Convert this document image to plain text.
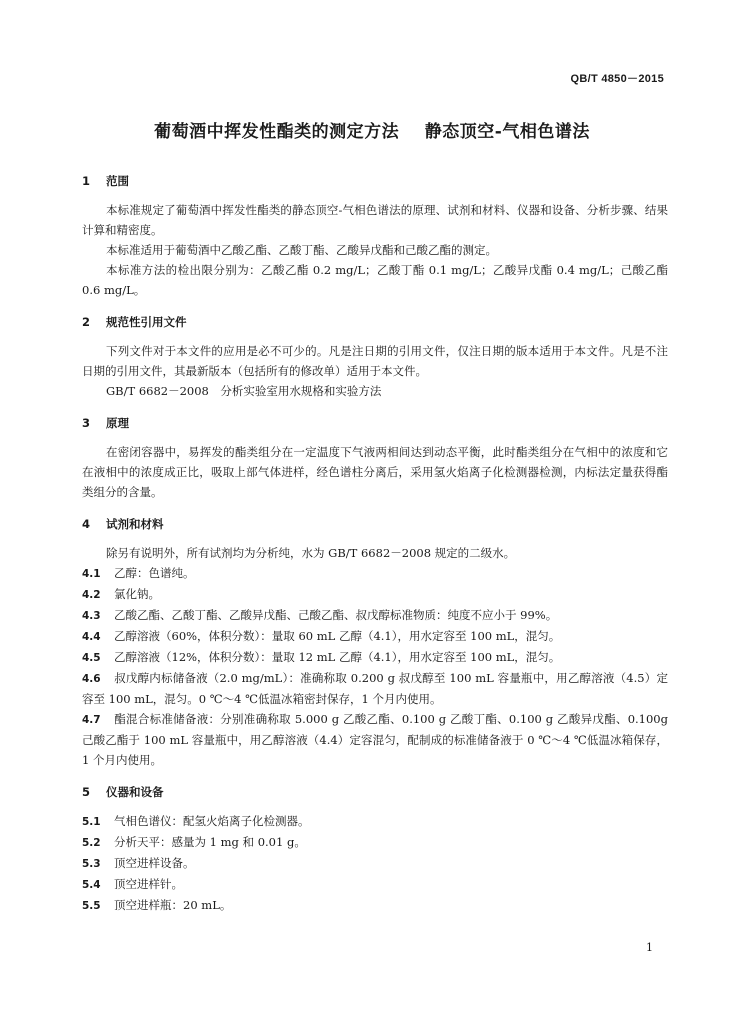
QB/T 4850－2015
葡萄酒中挥发性酯类的测定方法    静态顶空-气相色谱法

1 范围

本标准规定了葡萄酒中挥发性酯类的静态顶空-气相色谱法的原理、试剂和材料、仪器和设备、分析步骤、结果计算和精密度。

本标准适用于葡萄酒中乙酸乙酯、乙酸丁酯、乙酸异戊酯和己酸乙酯的测定。

本标准方法的检出限分别为：乙酸乙酯 0.2 mg/L；乙酸丁酯 0.1 mg/L；乙酸异戊酯 0.4 mg/L；己酸乙酯 0.6 mg/L。

2 规范性引用文件

下列文件对于本文件的应用是必不可少的。凡是注日期的引用文件，仅注日期的版本适用于本文件。凡是不注日期的引用文件，其最新版本（包括所有的修改单）适用于本文件。

GB/T 6682－2008　分析实验室用水规格和实验方法

3 原理

在密闭容器中，易挥发的酯类组分在一定温度下气液两相间达到动态平衡，此时酯类组分在气相中的浓度和它在液相中的浓度成正比，吸取上部气体进样，经色谱柱分离后，采用氢火焰离子化检测器检测，内标法定量获得酯类组分的含量。

4 试剂和材料

除另有说明外，所有试剂均为分析纯，水为 GB/T 6682－2008 规定的二级水。

4.1 乙醇：色谱纯。

4.2 氯化钠。

4.3 乙酸乙酯、乙酸丁酯、乙酸异戊酯、己酸乙酯、叔戊醇标准物质：纯度不应小于 99%。

4.4 乙醇溶液（60%，体积分数）：量取 60 mL 乙醇（4.1），用水定容至 100 mL，混匀。

4.5 乙醇溶液（12%，体积分数）：量取 12 mL 乙醇（4.1），用水定容至 100 mL，混匀。

4.6 叔戊醇内标储备液（2.0 mg/mL）：准确称取 0.200 g 叔戊醇至 100 mL 容量瓶中，用乙醇溶液（4.5）定容至 100 mL，混匀。0 ℃～4 ℃低温冰箱密封保存，1 个月内使用。

4.7 酯混合标准储备液：分别准确称取 5.000 g 乙酸乙酯、0.100 g 乙酸丁酯、0.100 g 乙酸异戊酯、0.100g 己酸乙酯于 100 mL 容量瓶中，用乙醇溶液（4.4）定容混匀，配制成的标准储备液于 0 ℃～4 ℃低温冰箱保存，1 个月内使用。

5 仪器和设备

5.1 气相色谱仪：配氢火焰离子化检测器。

5.2 分析天平：感量为 1 mg 和 0.01 g。

5.3 顶空进样设备。

5.4 顶空进样针。

5.5 顶空进样瓶：20 mL。

1
